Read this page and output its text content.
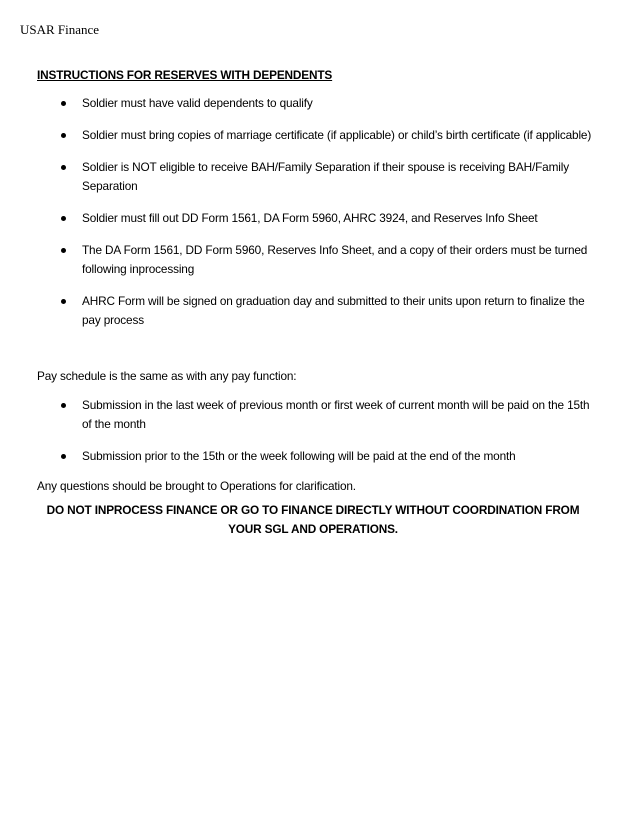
USAR Finance
INSTRUCTIONS FOR RESERVES WITH DEPENDENTS
Soldier must have valid dependents to qualify
Soldier must bring copies of marriage certificate (if applicable) or child’s birth certificate (if applicable)
Soldier is NOT eligible to receive BAH/Family Separation if their spouse is receiving BAH/Family Separation
Soldier must fill out DD Form 1561, DA Form 5960, AHRC 3924, and Reserves Info Sheet
The DA Form 1561, DD Form 5960, Reserves Info Sheet, and a copy of their orders must be turned following inprocessing
AHRC Form will be signed on graduation day and submitted to their units upon return to finalize the pay process

Pay schedule is the same as with any pay function:

Submission in the last week of previous month or first week of current month will be paid on the 15th of the month
Submission prior to the 15th or the week following will be paid at the end of the month

Any questions should be brought to Operations for clarification.

DO NOT INPROCESS FINANCE OR GO TO FINANCE DIRECTLY WITHOUT COORDINATION FROM
YOUR SGL AND OPERATIONS.
